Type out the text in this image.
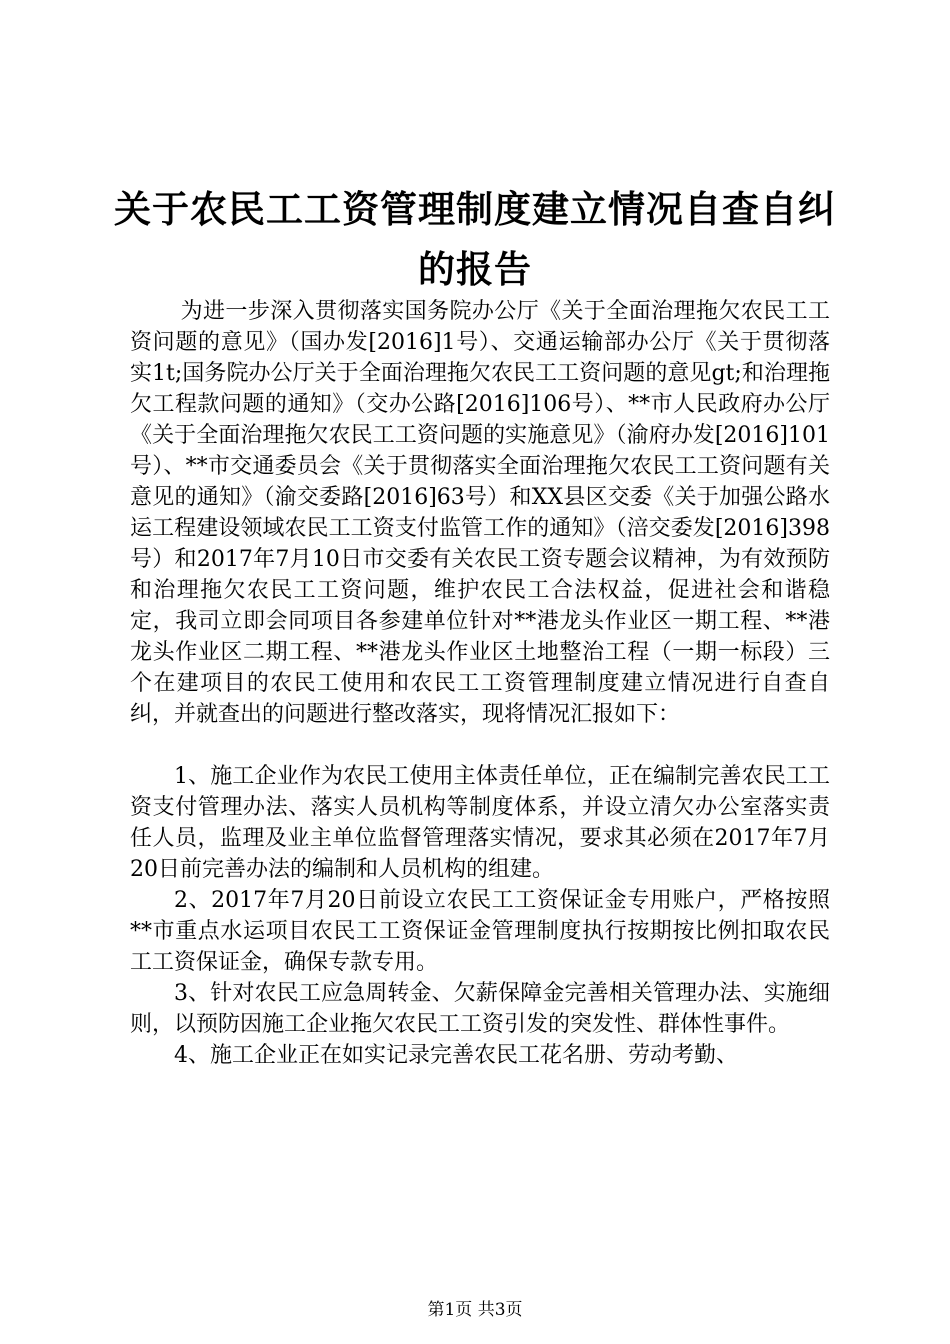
关于农民工工资管理制度建立情况自查自纠的报告

为进一步深入贯彻落实国务院办公厅《关于全面治理拖欠农民工工资问题的意见》（国办发[2016]1号）、交通运输部办公厅《关于贯彻落实1t;国务院办公厅关于全面治理拖欠农民工工资问题的意见gt;和治理拖欠工程款问题的通知》（交办公路[2016]106号）、**市人民政府办公厅《关于全面治理拖欠农民工工资问题的实施意见》（渝府办发[2016]101号）、**市交通委员会《关于贯彻落实全面治理拖欠农民工工资问题有关意见的通知》（渝交委路[2016]63号）和XX县区交委《关于加强公路水运工程建设领域农民工工资支付监管工作的通知》（涪交委发[2016]398号）和2017年7月10日市交委有关农民工资专题会议精神，为有效预防和治理拖欠农民工工资问题，维护农民工合法权益，促进社会和谐稳定，我司立即会同项目各参建单位针对**港龙头作业区一期工程、**港龙头作业区二期工程、**港龙头作业区土地整治工程（一期一标段）三个在建项目的农民工使用和农民工工资管理制度建立情况进行自查自纠，并就查出的问题进行整改落实，现将情况汇报如下：

1、施工企业作为农民工使用主体责任单位，正在编制完善农民工工资支付管理办法、落实人员机构等制度体系，并设立清欠办公室落实责任人员，监理及业主单位监督管理落实情况，要求其必须在2017年7月20日前完善办法的编制和人员机构的组建。

2、2017年7月20日前设立农民工工资保证金专用账户，严格按照**市重点水运项目农民工工资保证金管理制度执行按期按比例扣取农民工工资保证金，确保专款专用。

3、针对农民工应急周转金、欠薪保障金完善相关管理办法、实施细则，以预防因施工企业拖欠农民工工资引发的突发性、群体性事件。

4、施工企业正在如实记录完善农民工花名册、劳动考勤、

第1页 共3页
